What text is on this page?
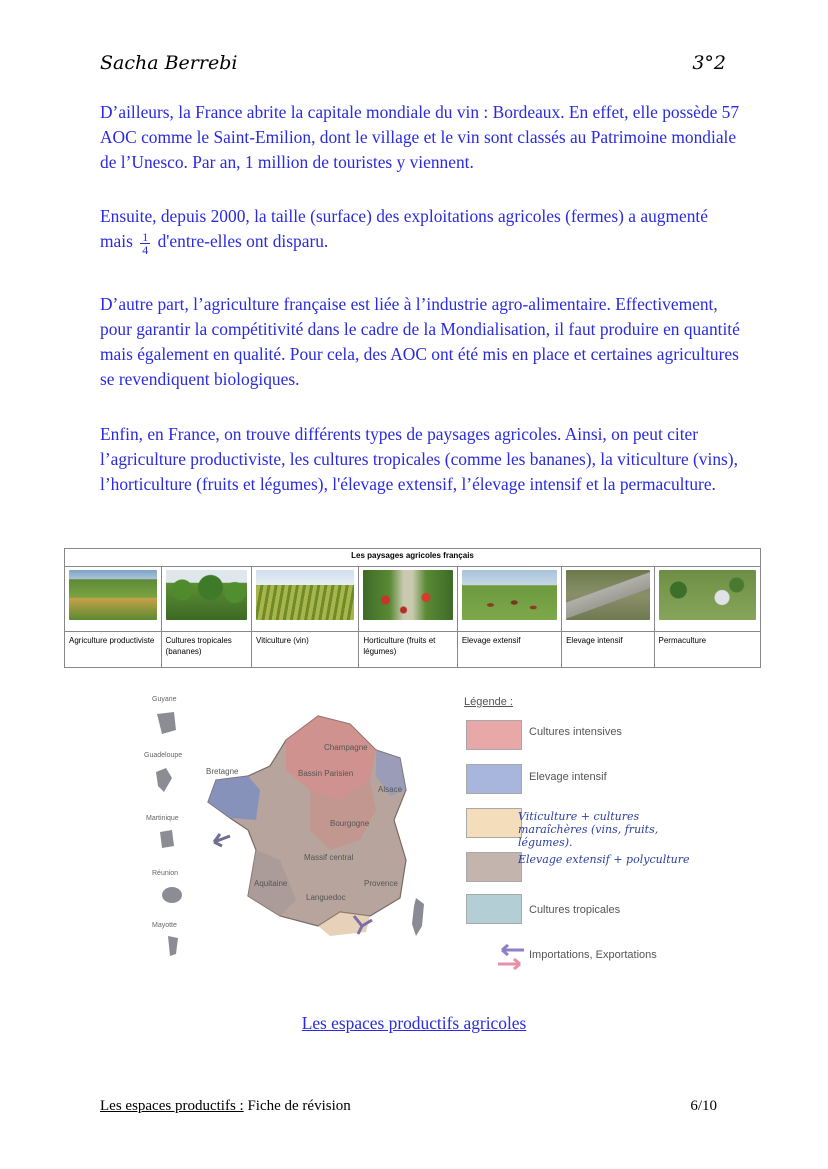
Sacha Berrebi	3°2

D’ailleurs, la France abrite la capitale mondiale du vin : Bordeaux. En effet, elle possède 57 AOC comme le Saint-Emilion, dont le village et le vin sont classés au Patrimoine mondiale de l’Unesco. Par an, 1 million de touristes y viennent.

Ensuite, depuis 2000, la taille (surface) des exploitations agricoles (fermes) a augmenté mais $\frac{1}{4}$ d'entre-elles ont disparu.

D’autre part, l’agriculture française est liée à l’industrie agro-alimentaire. Effectivement, pour garantir la compétitivité dans le cadre de la Mondialisation, il faut produire en quantité mais également en qualité. Pour cela, des AOC ont été mis en place et certaines agricultures se revendiquent biologiques.

Enfin, en France, on trouve différents types de paysages agricoles. Ainsi, on peut citer l’agriculture productiviste, les cultures tropicales (comme les bananes), la viticulture (vins), l’horticulture (fruits et légumes), l'élevage extensif, l’élevage intensif et la permaculture.

Les paysages agricoles français						

Agriculture productiviste	Cultures tropicales (bananes)	Viticulture (vin)	Horticulture (fruits et légumes)	Elevage extensif	Elevage intensif	Permaculture
Guyane
Guadeloupe
Martinique
Réunion
Mayotte
Bretagne
Champagne
Bassin Parisien
Alsace
Bourgogne
Massif central
Aquitaine
Languedoc
Provence
Légende :
Cultures intensives
Elevage intensif
Viticulture + cultures
maraîchères (vins, fruits,
légumes).
Elevage extensif + polyculture
Cultures tropicales
Importations, Exportations
Les espaces productifs agricoles
Les espaces productifs : Fiche de révision	6/10
